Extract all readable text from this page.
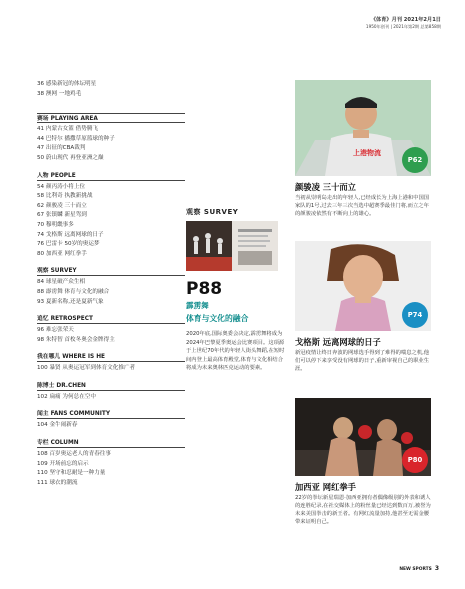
《体育》月刊 2021年2月1日
1950年创刊 | 2021年第2期 总第858期
36 感染新冠的体坛明星
38 澳网 一地鸡毛
赛场 PLAYING AREA
41 内蒙古女篮 借势腾飞
44 巴特尔 播撒草原篮球的种子
47 出征的CBA裁判
50 蔚山现代 再登亚洲之巅
人物 PEOPLE
54 颜丙涛小将上位
58 比利奇 执教新挑战
62 颜骏凌 三十而立
67 张镇麟 新星驾到
70 穆明畿事多
74 戈格斯 远离网球的日子
76 巴雷卡 50岁的奥运梦
80 加西亚 网红拳手
观察 SURVEY
84 球星破产众生相
88 霹雳舞 体育与文化的融合
93 夏新名称,还是夏新气象
追忆 RETROSPECT
96 难忘张荣天
98 朱特智 首枚冬奥会金牌得主
我在哪儿 WHERE IS HE
100 暴贤 从奥运冠军到体育文化推广者
陈博士 DR.CHEN
102 扁痛 为何总在空中
闻主 FANS COMMUNITY
104 金牛闹新春
专栏 COLUMN
108 百岁奥运老人的青春往事
109 开场前忘的启示
110 坚守和忍耐是一种力量
111 球衣的潮流
观察 SURVEY
P88
霹雳舞
体育与文化的融合
2020年底,国际奥委会决定,霹雳舞将成为2024年巴黎夏季奥运会比赛项目。这项源于上世纪70年代的年轻人街头舞蹈,在短时间内登上最高体育殿堂,体育与文化相结合将成为未来奥林匹克运动的要素。
上港物流
P62
颜骏凌 三十而立
当初从崇明岛走出的年轻人,已经成长为上海上港和中国国家队的1号,过去三年三次当选中超赛季最佳门将,而立之年的颜骏凌依然有不断向上的雄心。
P74
戈格斯 远离网球的日子
新冠疫情让终日奔波的网球选手得到了难得的喘息之机,他们可以停下来享受没有网球的日子,重新审视自己的职业生涯。
P80
加西亚 网红拳手
22岁的拳坛新星瑞恩·加西亚拥有者偶像级别的外表和诱人的连胜纪录,在社交媒体上的粉丝量已经达到数百万,被誉为未来美国拳击的新王者。有网红流量加持,他甚至无需金腰带来证明自己。
NEW SPORTS 3
